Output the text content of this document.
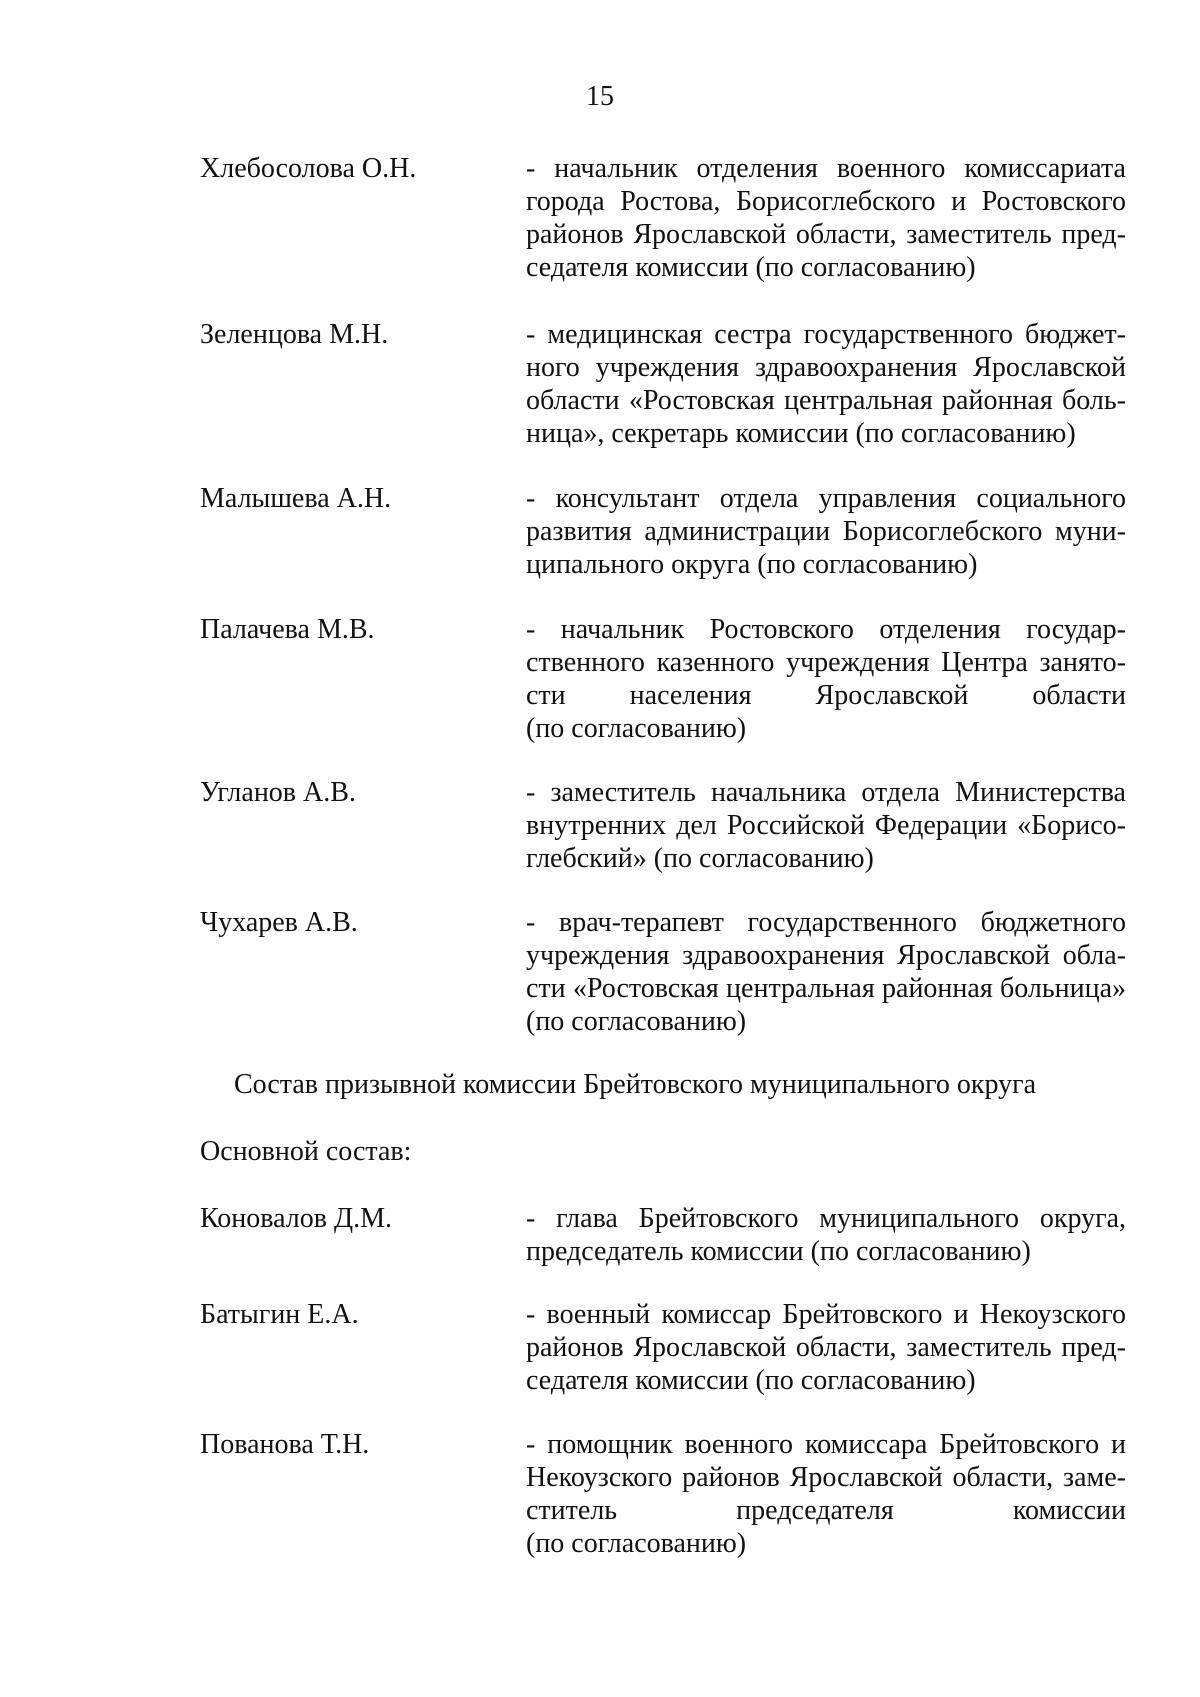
15
Хлебосолова О.Н.	- начальник отделения военного комиссариата
города Ростова, Борисоглебского и Ростовского
районов Ярославской области, заместитель пред-
седателя комиссии (по согласованию)
Зеленцова М.Н.	- медицинская сестра государственного бюджет-
ного учреждения здравоохранения Ярославской
области «Ростовская центральная районная боль-
ница», секретарь комиссии (по согласованию)
Малышева А.Н.	- консультант отдела управления социального
развития администрации Борисоглебского муни-
ципального округа (по согласованию)
Палачева М.В.	- начальник Ростовского отделения государ-
ственного казенного учреждения Центра занято-
сти населения Ярославской области
(по согласованию)
Угланов А.В.	- заместитель начальника отдела Министерства
внутренних дел Российской Федерации «Борисо-
глебский» (по согласованию)
Чухарев А.В.	- врач-терапевт государственного бюджетного
учреждения здравоохранения Ярославской обла-
сти «Ростовская центральная районная больница»
(по согласованию)
Состав призывной комиссии Брейтовского муниципального округа
Основной состав:
Коновалов Д.М.	- глава Брейтовского муниципального округа,
председатель комиссии (по согласованию)
Батыгин Е.А.	- военный комиссар Брейтовского и Некоузского
районов Ярославской области, заместитель пред-
седателя комиссии (по согласованию)
Пованова Т.Н.	- помощник военного комиссара Брейтовского и
Некоузского районов Ярославской области, заме-
ститель председателя комиссии
(по согласованию)
